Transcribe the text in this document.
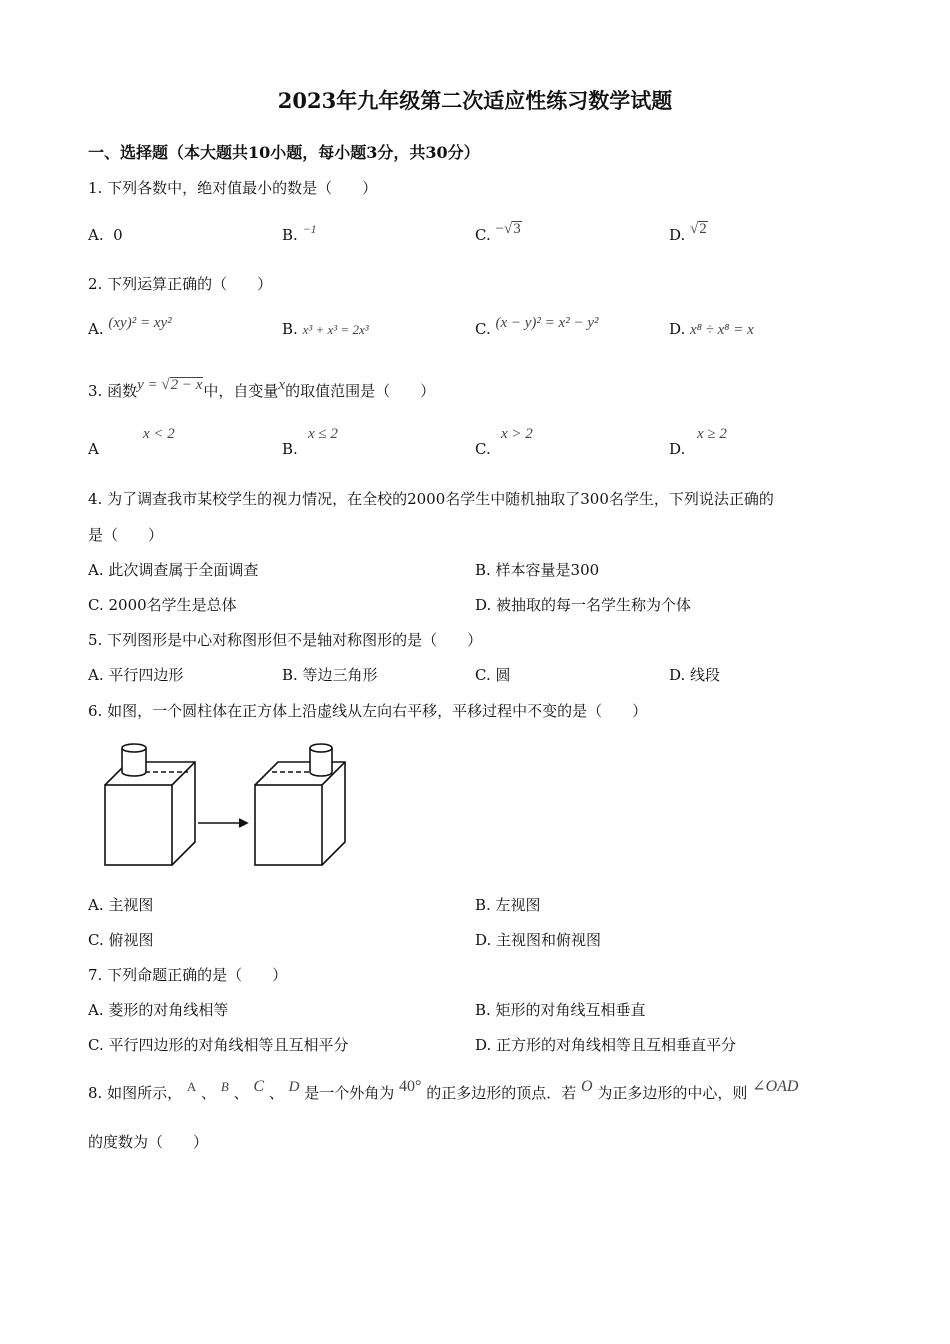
2023年九年级第二次适应性练习数学试题
一、选择题（本大题共10小题，每小题3分，共30分）
1. 下列各数中，绝对值最小的数是（　　）
A. 0	B. $^{-1}$	C. −√3	D. √2
2. 下列运算正确的（　　）
A. (xy)² = xy²	B. x³ + x³ = 2x³	C. (x − y)² = x² − y²	D. x⁸ ÷ x⁸ = x
3. 函数y = √2 − x中，自变量x的取值范围是（　　）
A
x < 2
B.
x ≤ 2
C.
x > 2
D.
x ≥ 2
4. 为了调查我市某校学生的视力情况，在全校的2000名学生中随机抽取了300名学生，下列说法正确的
是（　　）
A. 此次调查属于全面调查	B. 样本容量是300
C. 2000名学生是总体	D. 被抽取的每一名学生称为个体
5. 下列图形是中心对称图形但不是轴对称图形的是（　　）
A. 平行四边形	B. 等边三角形	C. 圆	D. 线段
6. 如图，一个圆柱体在正方体上沿虚线从左向右平移，平移过程中不变的是（　　）
A. 主视图	B. 左视图
C. 俯视图	D. 主视图和俯视图
7. 下列命题正确的是（　　）
A. 菱形的对角线相等	B. 矩形的对角线互相垂直
C. 平行四边形的对角线相等且互相平分	D. 正方形的对角线相等且互相垂直平分
8. 如图所示， A 、 B 、 C 、 D 是一个外角为 40° 的正多边形的顶点．若 O 为正多边形的中心，则 ∠OAD
的度数为（　　）
